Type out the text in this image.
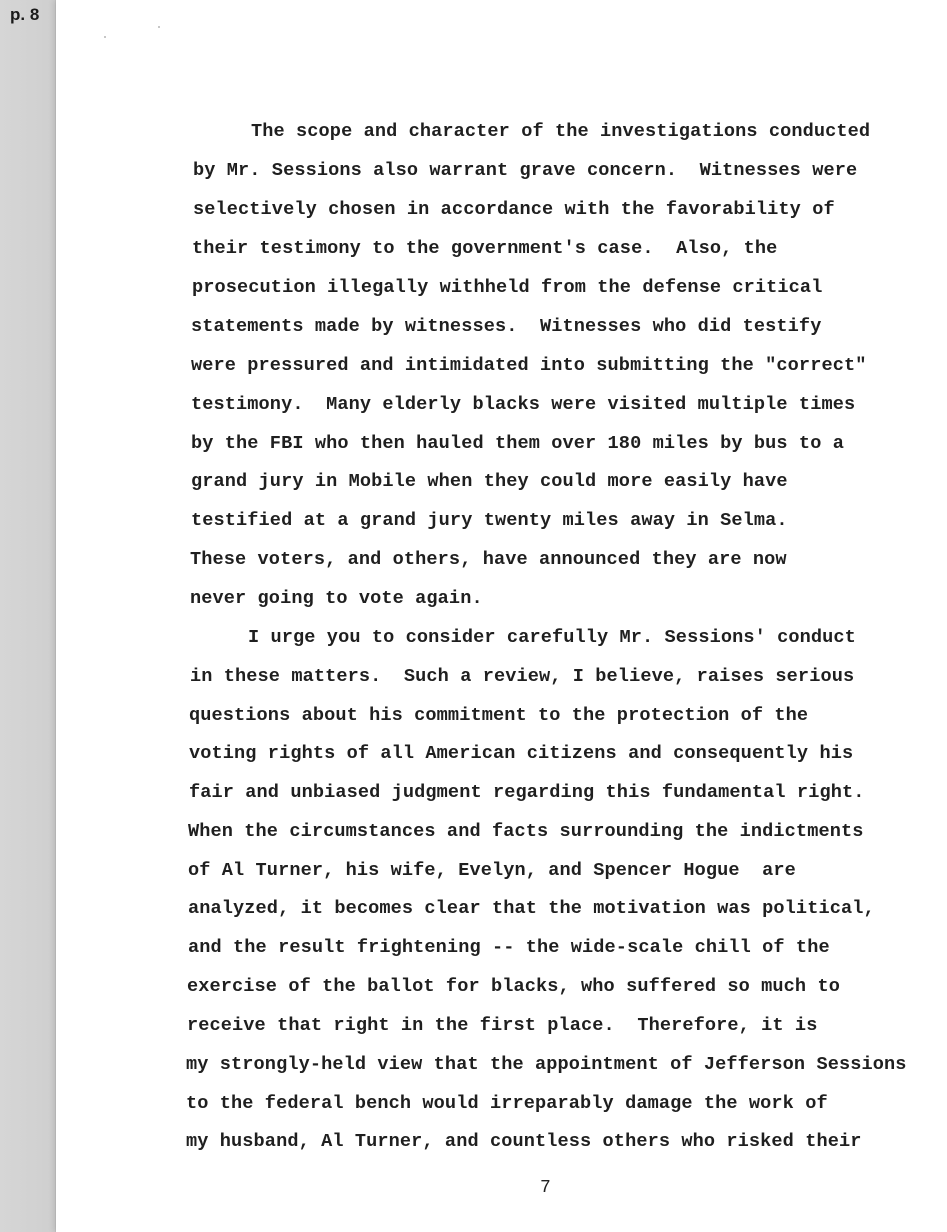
p. 8
The scope and character of the investigations conducted
by Mr. Sessions also warrant grave concern.  Witnesses were
selectively chosen in accordance with the favorability of
their testimony to the government's case.  Also, the
prosecution illegally withheld from the defense critical
statements made by witnesses.  Witnesses who did testify
were pressured and intimidated into submitting the "correct"
testimony.  Many elderly blacks were visited multiple times
by the FBI who then hauled them over 180 miles by bus to a
grand jury in Mobile when they could more easily have
testified at a grand jury twenty miles away in Selma.
These voters, and others, have announced they are now
never going to vote again.
I urge you to consider carefully Mr. Sessions' conduct
in these matters.  Such a review, I believe, raises serious
questions about his commitment to the protection of the
voting rights of all American citizens and consequently his
fair and unbiased judgment regarding this fundamental right.
When the circumstances and facts surrounding the indictments
of Al Turner, his wife, Evelyn, and Spencer Hogue  are
analyzed, it becomes clear that the motivation was political,
and the result frightening -- the wide-scale chill of the
exercise of the ballot for blacks, who suffered so much to
receive that right in the first place.  Therefore, it is
my strongly-held view that the appointment of Jefferson Sessions
to the federal bench would irreparably damage the work of
my husband, Al Turner, and countless others who risked their
7
